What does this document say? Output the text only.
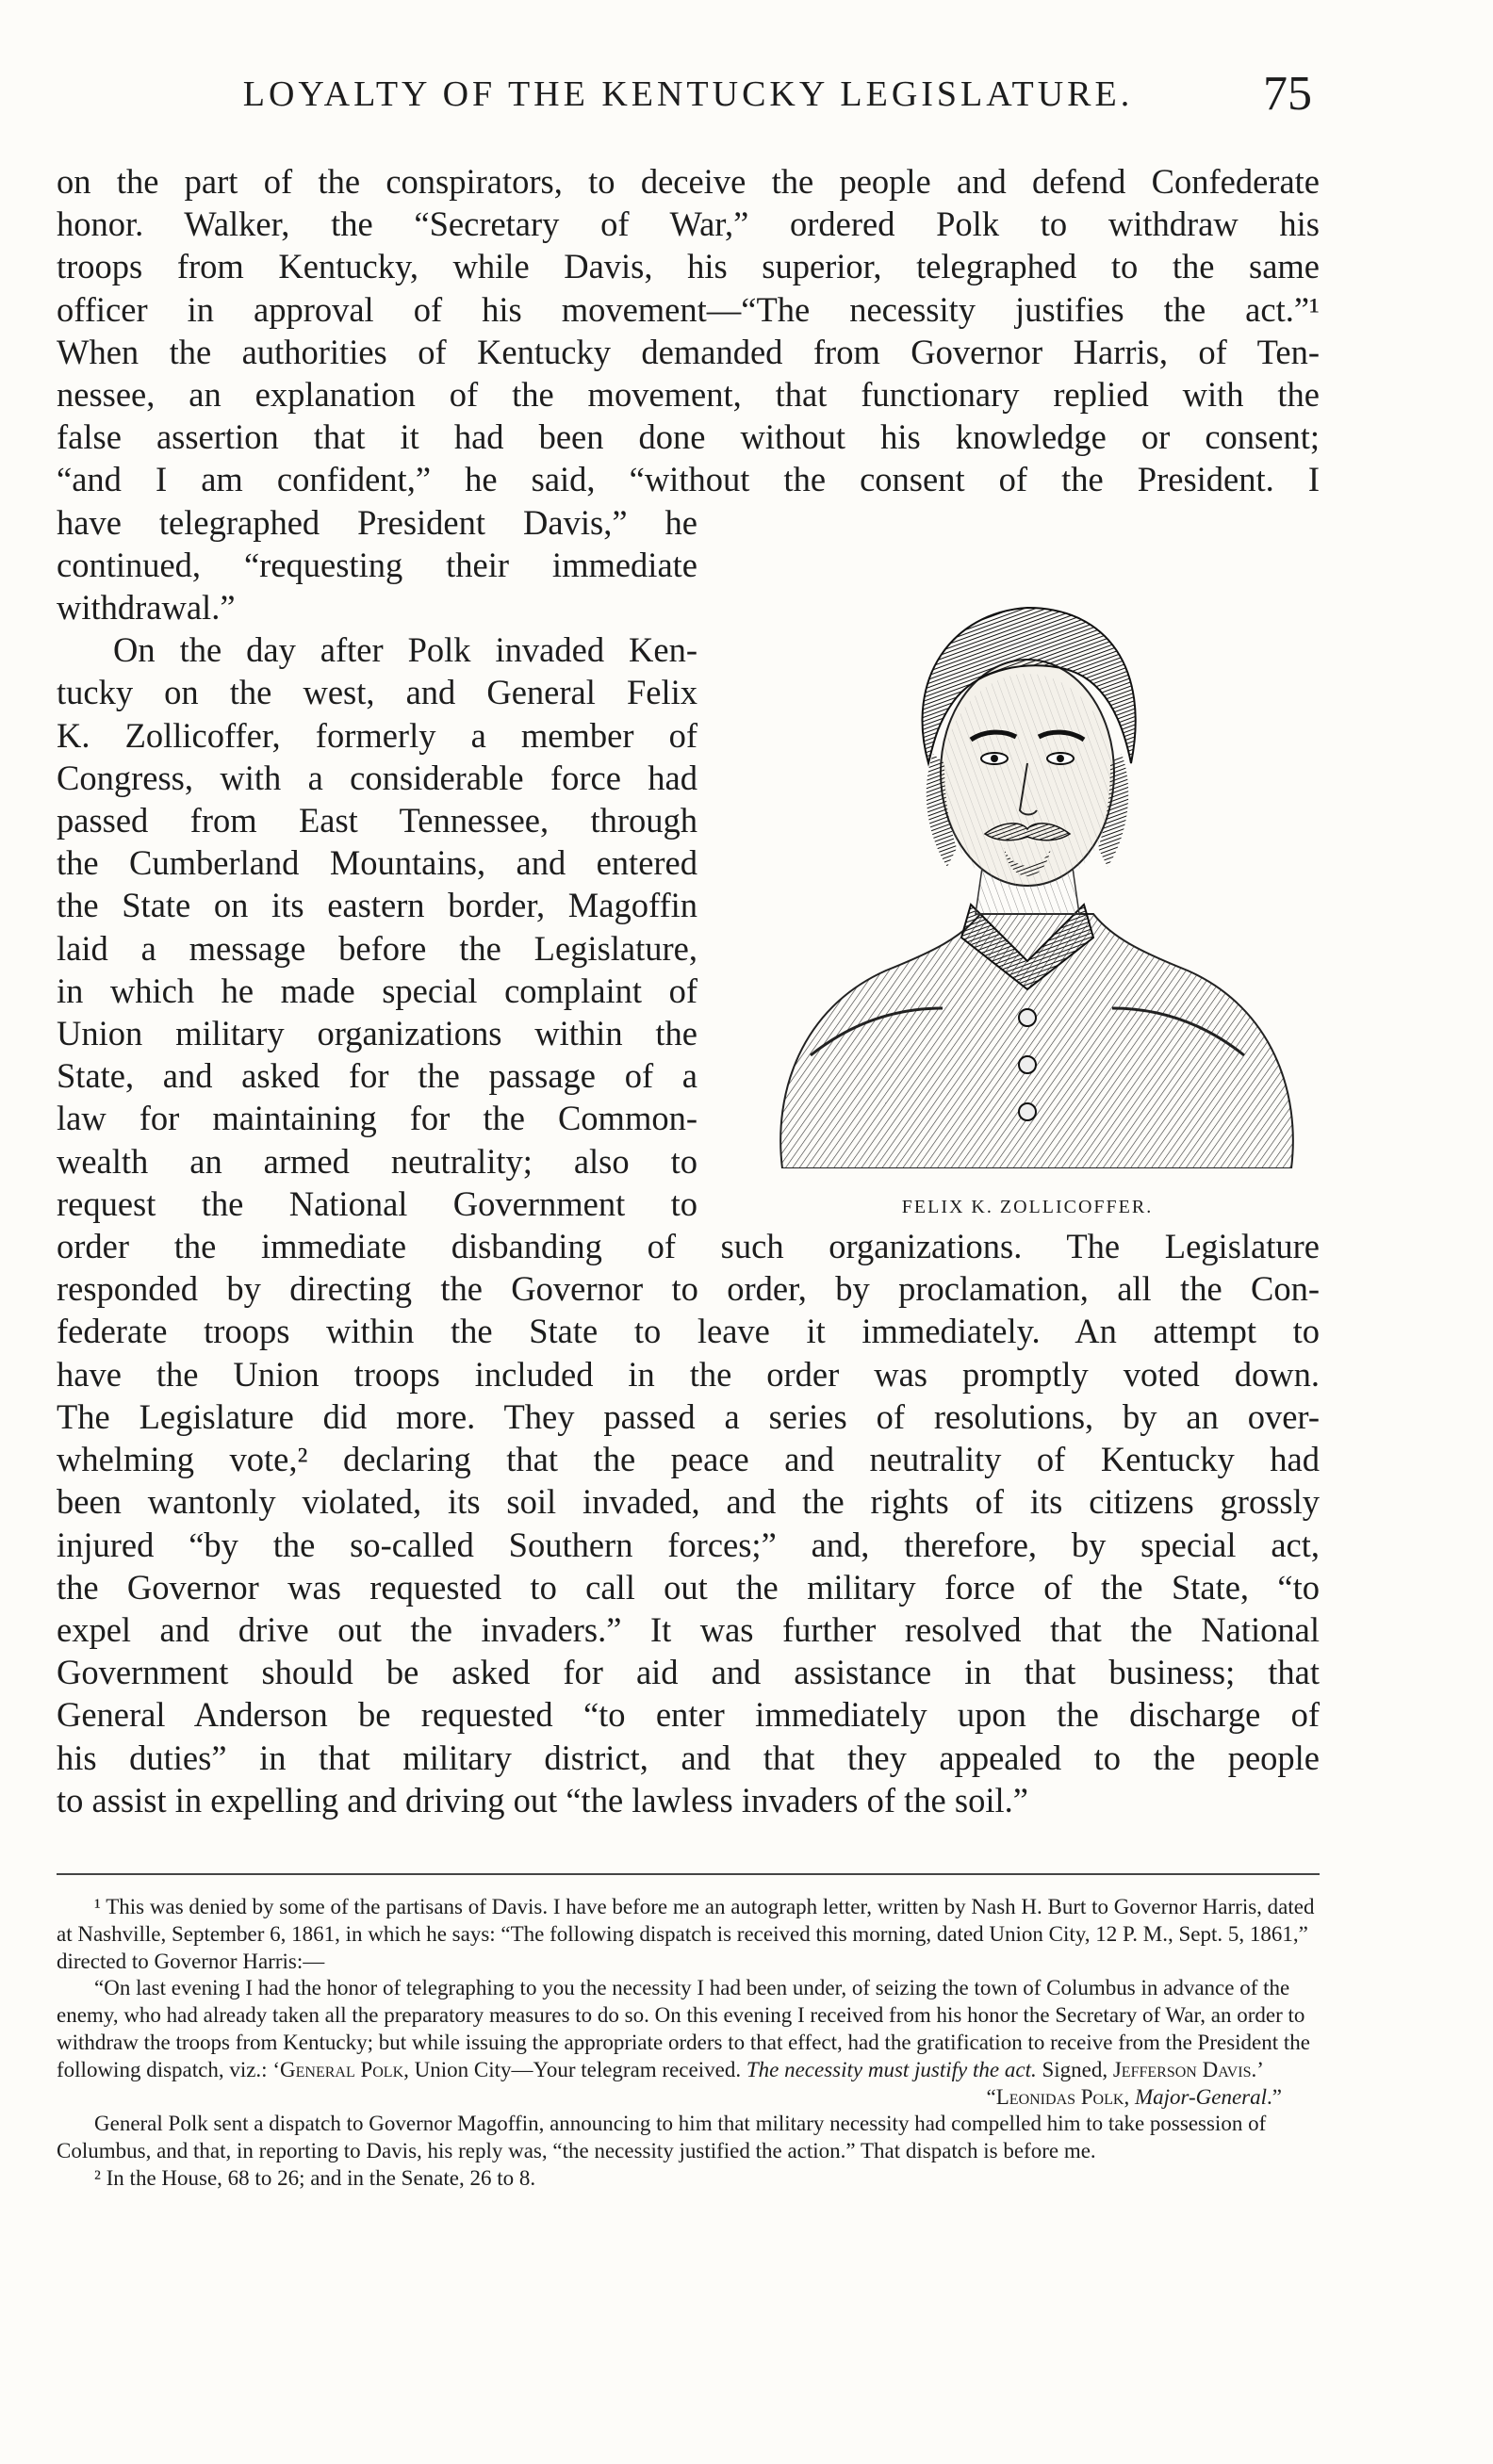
LOYALTY OF THE KENTUCKY LEGISLATURE.	75
on the part of the conspirators, to deceive the people and defend Confederate
honor. Walker, the “Secretary of War,” ordered Polk to withdraw his
troops from Kentucky, while Davis, his superior, telegraphed to the same
officer in approval of his movement—“The necessity justifies the act.”¹
When the authorities of Kentucky demanded from Governor Harris, of Ten-
nessee, an explanation of the movement, that functionary replied with the
false assertion that it had been done without his knowledge or consent;
“and I am confident,” he said, “without the consent of the President. I
have telegraphed President Davis,” he
continued, “requesting their immediate
withdrawal.”
On the day after Polk invaded Ken-
tucky on the west, and General Felix
K. Zollicoffer, formerly a member of
Congress, with a considerable force had
passed from East Tennessee, through
the Cumberland Mountains, and entered
the State on its eastern border, Magoffin
laid a message before the Legislature,
in which he made special complaint of
Union military organizations within the
State, and asked for the passage of a
law for maintaining for the Common-
wealth an armed neutrality; also to
request the National Government to
order the immediate disbanding of such organizations. The Legislature
responded by directing the Governor to order, by proclamation, all the Con-
federate troops within the State to leave it immediately. An attempt to
have the Union troops included in the order was promptly voted down.
The Legislature did more. They passed a series of resolutions, by an over-
whelming vote,² declaring that the peace and neutrality of Kentucky had
been wantonly violated, its soil invaded, and the rights of its citizens grossly
injured “by the so-called Southern forces;” and, therefore, by special act,
the Governor was requested to call out the military force of the State, “to
expel and drive out the invaders.” It was further resolved that the National
Government should be asked for aid and assistance in that business; that
General Anderson be requested “to enter immediately upon the discharge of
his duties” in that military district, and that they appealed to the people
to assist in expelling and driving out “the lawless invaders of the soil.”
FELIX K. ZOLLICOFFER.

¹ This was denied by some of the partisans of Davis. I have before me an autograph letter, written by Nash H. Burt to Governor Harris, dated at Nashville, September 6, 1861, in which he says: “The following dispatch is received this morning, dated Union City, 12 P. M., Sept. 5, 1861,” directed to Governor Harris:—

“On last evening I had the honor of telegraphing to you the necessity I had been under, of seizing the town of Columbus in advance of the enemy, who had already taken all the preparatory measures to do so. On this evening I received from his honor the Secretary of War, an order to withdraw the troops from Kentucky; but while issuing the appropriate orders to that effect, had the gratification to receive from the President the following dispatch, viz.: ‘General Polk, Union City—Your telegram received. The necessity must justify the act. Signed, Jefferson Davis.’

“Leonidas Polk, Major-General.”

General Polk sent a dispatch to Governor Magoffin, announcing to him that military necessity had compelled him to take possession of Columbus, and that, in reporting to Davis, his reply was, “the necessity justified the action.” That dispatch is before me.

² In the House, 68 to 26; and in the Senate, 26 to 8.
